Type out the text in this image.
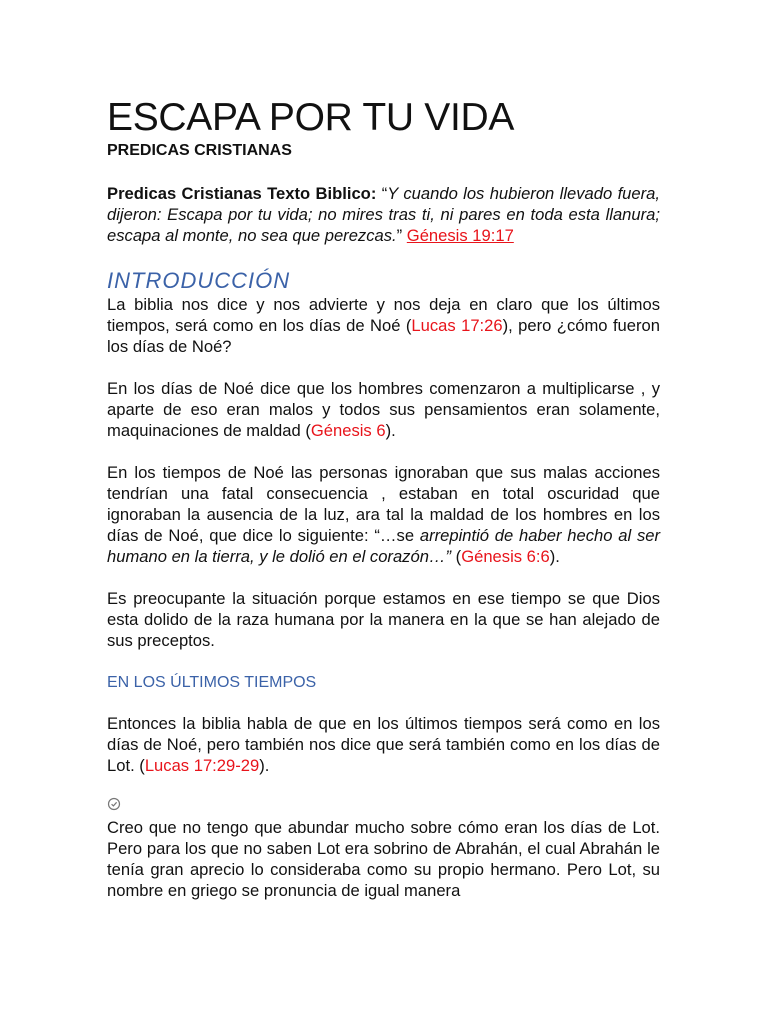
ESCAPA POR TU VIDA
PREDICAS CRISTIANAS

Predicas Cristianas Texto Biblico: “Y cuando los hubieron llevado fuera, dijeron: Escapa por tu vida; no mires tras ti, ni pares en toda esta llanura; escapa al monte, no sea que perezcas.” Génesis 19:17

INTRODUCCIÓN

La biblia nos dice y nos advierte y nos deja en claro que los últimos tiempos, será como en los días de Noé (Lucas 17:26), pero ¿cómo fueron los días de Noé?

En los días de Noé dice que los hombres comenzaron a multiplicarse , y aparte de eso eran malos y todos sus pensamientos eran solamente, maquinaciones de maldad (Génesis 6).

En los tiempos de Noé las personas ignoraban que sus malas acciones tendrían una fatal consecuencia , estaban en total oscuridad que ignoraban la ausencia de la luz, ara tal la maldad de los hombres en los días de Noé, que dice lo siguiente: “…se arrepintió de haber hecho al ser humano en la tierra, y le dolió en el corazón…” (Génesis 6:6).

Es preocupante la situación porque estamos en ese tiempo se que Dios esta dolido de la raza humana por la manera en la que se han alejado de sus preceptos.

EN LOS ÚLTIMOS TIEMPOS

Entonces la biblia habla de que en los últimos tiempos será como en los días de Noé, pero también nos dice que será también como en los días de Lot. (Lucas 17:29-29).

Creo que no tengo que abundar mucho sobre cómo eran los días de Lot. Pero para los que no saben Lot era sobrino de Abrahán, el cual Abrahán le tenía gran aprecio lo consideraba como su propio hermano. Pero Lot, su nombre en griego se pronuncia de igual manera
